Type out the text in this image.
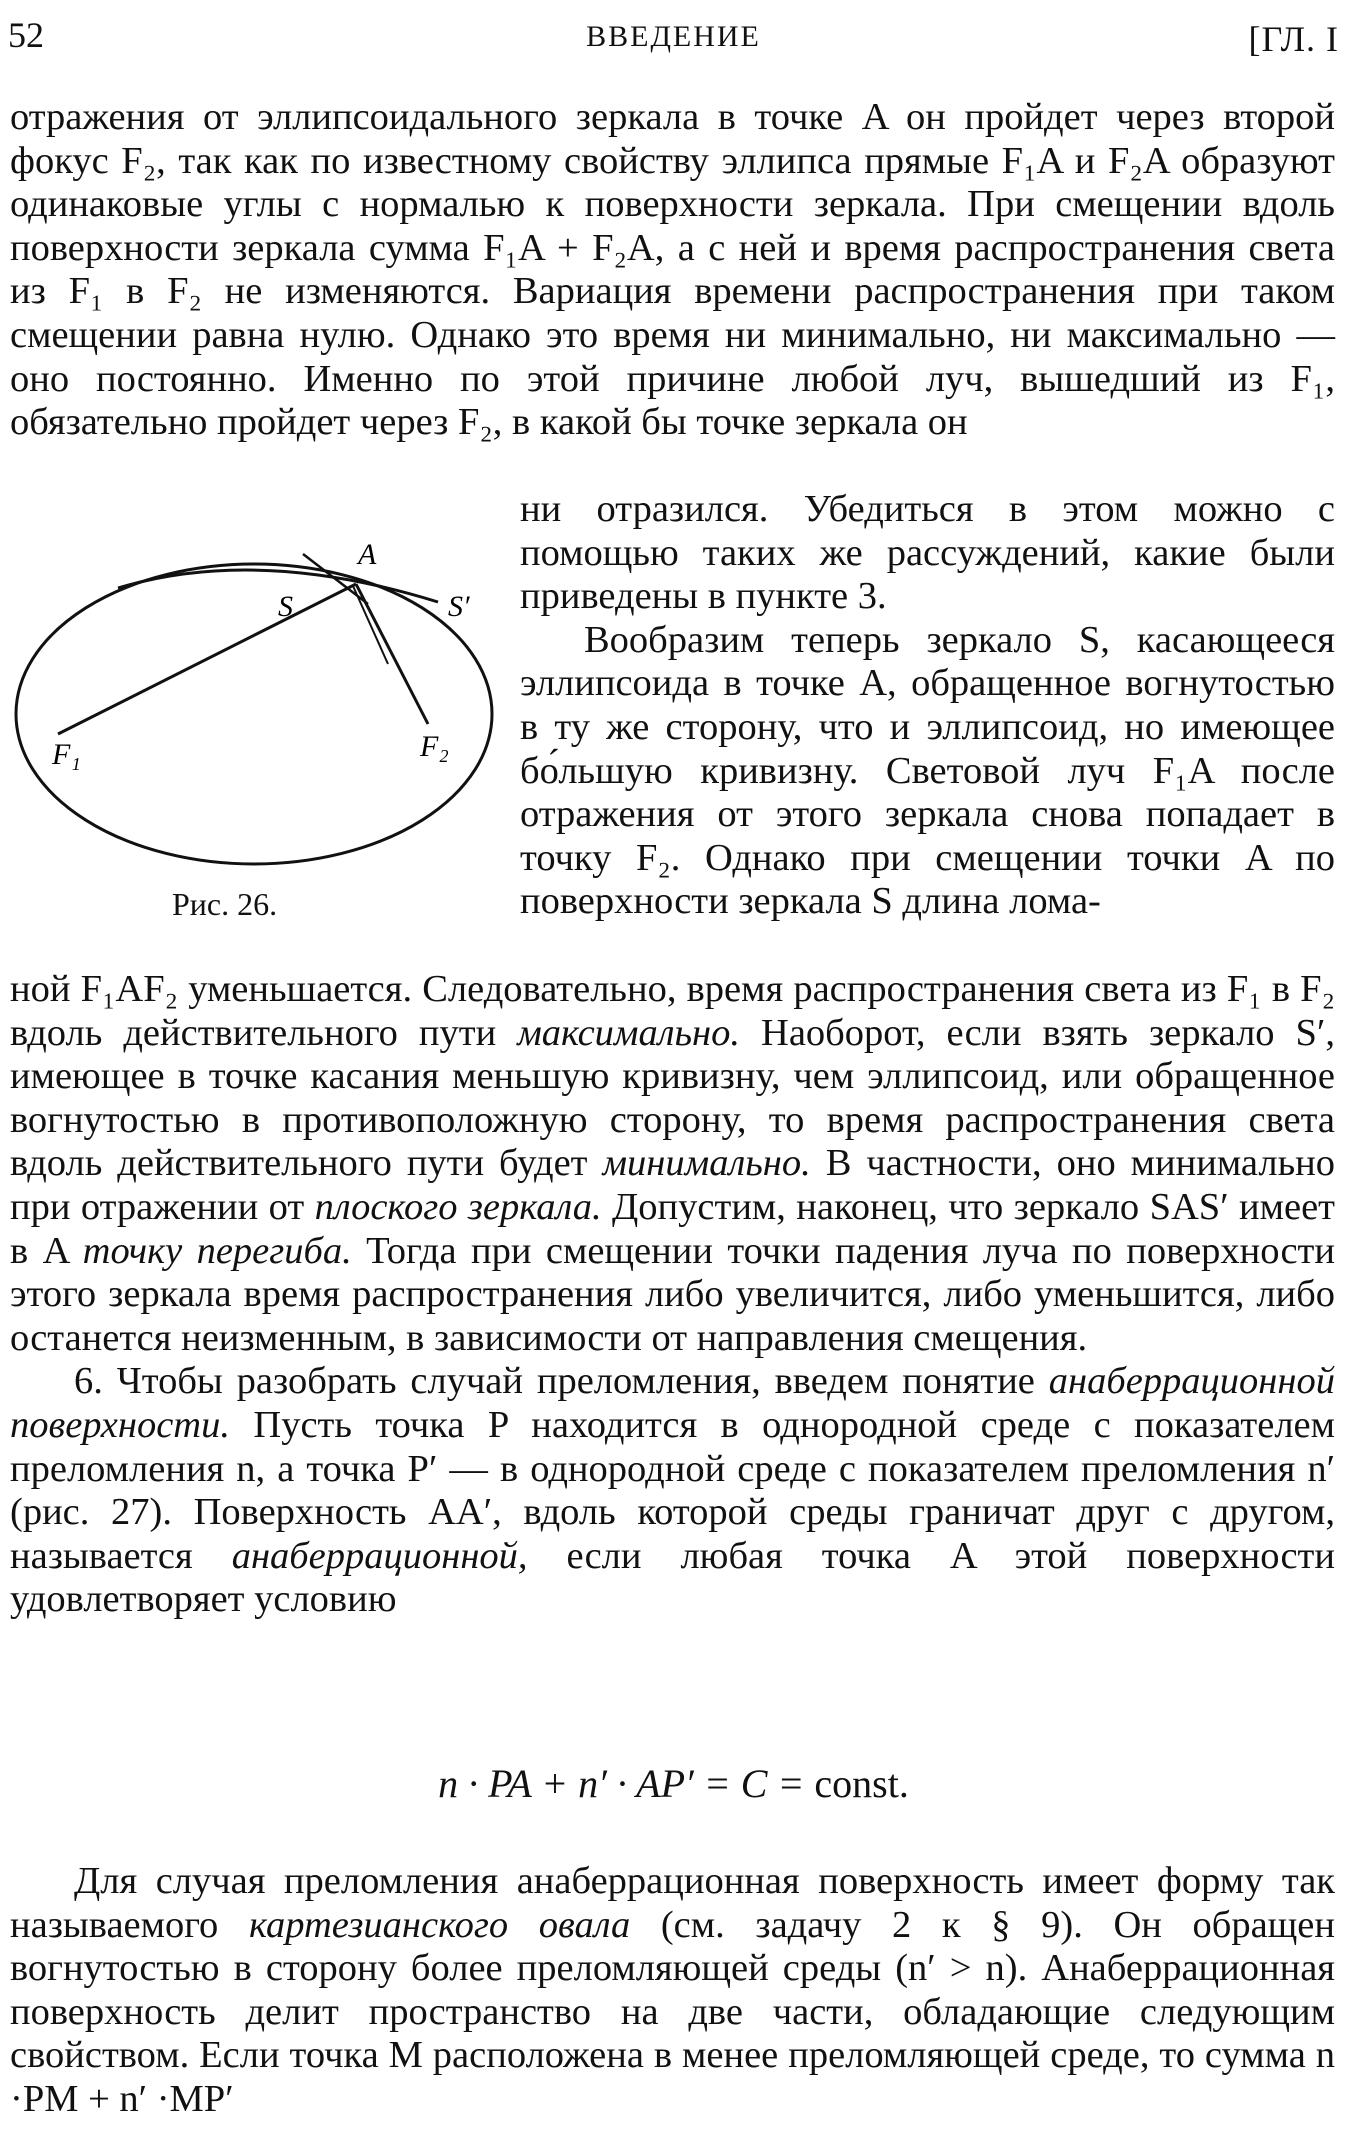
52	ВВЕДЕНИЕ	[ГЛ. I

отражения от эллипсоидального зеркала в точке A он пройдет через второй фокус F₂, так как по известному свойству эллипса прямые F₁A и F₂A образуют одинаковые углы с нормалью к поверхности зеркала. При смещении вдоль поверхности зеркала сумма F₁A + F₂A, а с ней и время распространения света из F₁ в F₂ не изменяются. Вариация времени распространения при таком смещении равна нулю. Однако это время ни минимально, ни максимально — оно постоянно. Именно по этой причине любой луч, вышедший из F₁, обязательно пройдет через F₂, в какой бы точке зеркала он

A
S	S′
F₁	F₂
Рис. 26.

ни отразился. Убедиться в этом можно с помощью таких же рассуждений, какие были приведены в пункте 3.

Вообразим теперь зеркало S, касающееся эллипсоида в точке A, обращенное вогнутостью в ту же сторону, что и эллипсоид, но имеющее бо́льшую кривизну. Световой луч F₁A после отражения от этого зеркала снова попадает в точку F₂. Однако при смещении точки A по поверхности зеркала S длина лома-

ной F₁AF₂ уменьшается. Следовательно, время распространения света из F₁ в F₂ вдоль действительного пути максимально. Наоборот, если взять зеркало S′, имеющее в точке касания меньшую кривизну, чем эллипсоид, или обращенное вогнутостью в противоположную сторону, то время распространения света вдоль действительного пути будет минимально. В частности, оно минимально при отражении от плоского зеркала. Допустим, наконец, что зеркало SAS′ имеет в A точку перегиба. Тогда при смещении точки падения луча по поверхности этого зеркала время распространения либо увеличится, либо уменьшится, либо останется неизменным, в зависимости от направления смещения.

6. Чтобы разобрать случай преломления, введем понятие анаберрационной поверхности. Пусть точка P находится в однородной среде с показателем преломления n, а точка P′ — в однородной среде с показателем преломления n′ (рис. 27). Поверхность AA′, вдоль которой среды граничат друг с другом, называется анаберрационной, если любая точка A этой поверхности удовлетворяет условию

n · PA + n′ · AP′ = C = const.

Для случая преломления анаберрационная поверхность имеет форму так называемого картезианского овала (см. задачу 2 к § 9). Он обращен вогнутостью в сторону более преломляющей среды (n′ > n). Анаберрационная поверхность делит пространство на две части, обладающие следующим свойством. Если точка M расположена в менее преломляющей среде, то сумма n ·PM + n′ ·MP′
